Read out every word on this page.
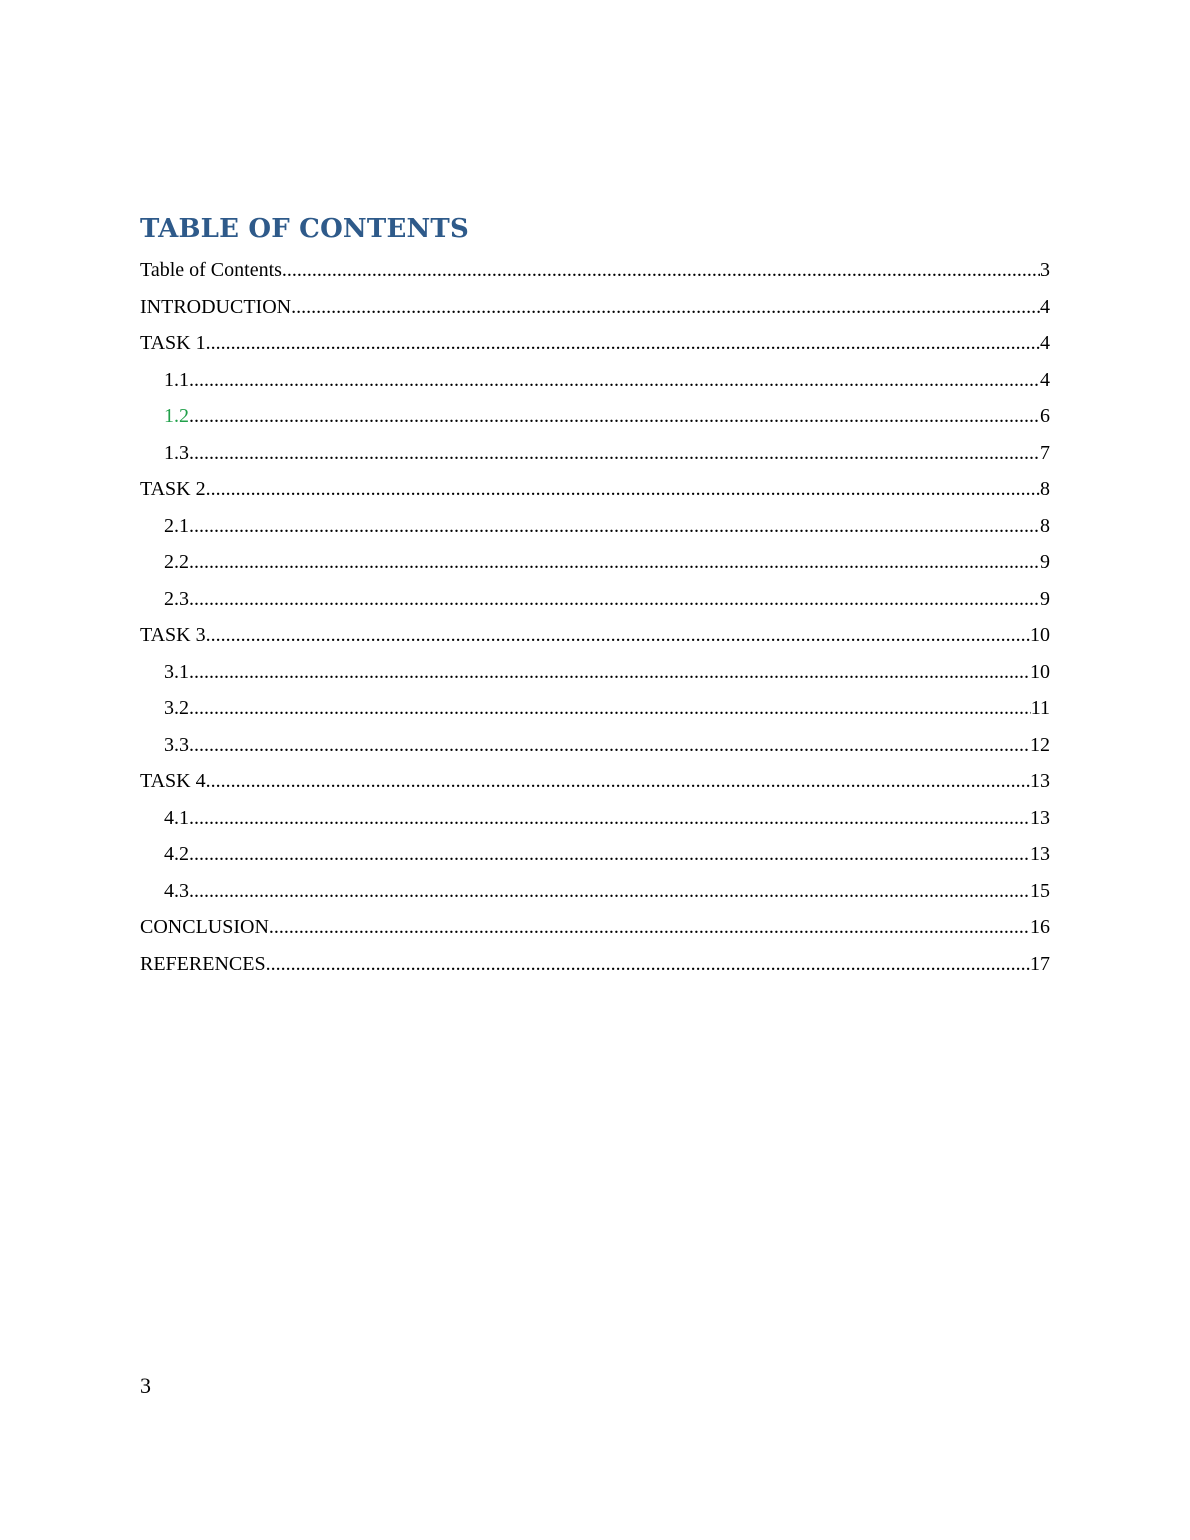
TABLE OF CONTENTS
Table of Contents .....	3
INTRODUCTION .....	4
TASK 1 .....	4
1.1 .....	4
1.2 .....	6
1.3 .....	7
TASK 2 .....	8
2.1 .....	8
2.2 .....	9
2.3 .....	9
TASK 3 .....	10
3.1 .....	10
3.2 .....	11
3.3 .....	12
TASK 4 .....	13
4.1 .....	13
4.2 .....	13
4.3 .....	15
CONCLUSION .....	16
REFERENCES .....	17
3
